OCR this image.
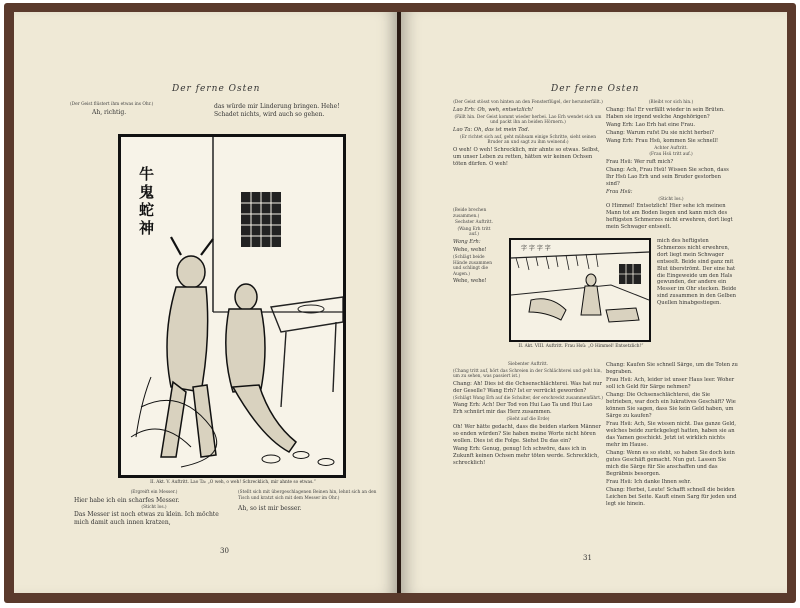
Der ferne Osten
(Der Geist flüstert ihm etwas ins Ohr.)
Ah, richtig.
das würde mir Linderung bringen. Hehe! Schadet nichts, wird auch so gehen.
牛鬼蛇神
II. Akt. V. Auftritt. Lao Ta: „O weh, o weh! Schrecklich, mir ahnte so etwas.“

(Ergreift ein Messer.)

Hier habe ich ein scharfes Messer.

(Sticht los.)

Das Messer ist noch etwas zu klein. Ich möchte mich damit auch innen kratzen,

(Stellt sich mit übergeschlagenen Beinen hin, lehnt sich an den Tisch und kratzt sich mit dem Messer im Ohr.)

Ah, so ist mir besser.

30
Der ferne Osten

(Der Geist stösst von hinten an den Fensterflügel, der herunterfällt.)

Lao Erh: Oh, weh, entsetzlich!

(Fällt hin. Der Geist kommt wieder herbei. Lao Erh wendet sich um und packt ihn an beiden Hörnern.)

Lao Ta: Oh, das ist mein Tod.

(Er richtet sich auf, geht mühsam einige Schritte, sieht seinen Bruder an und sagt zu ihm weinend:)

O weh! O weh! Schrecklich, mir ahnte so etwas. Selbst, um unser Leben zu retten, hätten wir keinen Ochsen töten dürfen. O weh!

(Beide brechen zusammen.)

Sechster Auftritt.

(Wang Erh tritt auf.)

Wang Erh:

Wehe, wehe!

(Schlägt beide Hände zusammen und schlingt die Augen.)

Wehe, wehe!

(Bleibt vor sich hin.)

Chang: Ha! Er verfällt wieder in sein Brüten. Haben sie irgend welche Angehörigen?

Wang Erh: Lao Erh hat eine Frau.

Chang: Warum rufst Du sie nicht herbei?

Wang Erh: Frau Hsü, kommen Sie schnell!

Achter Auftritt.

(Frau Hsü tritt auf.)

Frau Hsü: Wer ruft mich?

Chang: Ach, Frau Hsü! Wissen Sie schon, dass Ihr Hsü Lao Erh und sein Bruder gestorben sind?

Frau Hsü:

(Sticht los.)

O Himmel! Entsetzlich! Hier sehe ich meinen Mann tot am Boden liegen und kann mich des heftigsten Schmerzes nicht erwehren, dort liegt mein Schwager entseelt.

字 字 字 字
II. Akt. VIII. Auftritt. Frau Hsü: „O Himmel! Entsetzlich!“

mich des heftigsten Schmerzes nicht erwehren, dort liegt mein Schwager entseelt. Beide sind ganz mit Blut überströmt. Der eine hat die Eingeweide um den Hals gewunden, der andere ein Messer im Ohr stecken. Beide sind zusammen in den Gelben Quellen hinabgestiegen.

Siebenter Auftritt.

(Chang tritt auf, hört das Schreien in der Schlächterei und geht hin, um zu sehen, was passiert ist.)

Chang: Ah! Dies ist die Ochsenschlächterei. Was hat nur der Geselle? Wang Erh? Ist er verrückt geworden?

(Schlägt Wang Erh auf die Schulter, der erschreckt zusammenfährt.)

Wang Erh: Ach! Der Tod von Hui Lao Ta und Hui Lao Erh schnürt mir das Herz zusammen.

(Sieht auf die Erde)

Oh! Wer hätte gedacht, dass die beiden starken Männer so enden würden? Sie haben meine Worte nicht hören wollen. Dies ist die Folge. Siehst Du das ein?

Wang Erh: Genug, genug! Ich schwöre, dass ich in Zukunft keinen Ochsen mehr töten werde. Schrecklich, schrecklich!

Chang: Kaufen Sie schnell Särge, um die Toten zu begraben.

Frau Hsü: Ach, leider ist unser Haus leer. Woher soll ich Geld für Särge nehmen?

Chang: Die Ochsenschlächterei, die Sie betrieben, war doch ein lukratives Geschäft? Wie können Sie sagen, dass Sie kein Geld haben, um Särge zu kaufen?

Frau Hsü: Ach, Sie wissen nicht. Das ganze Geld, welches beide zurückgelegt hatten, haben sie an das Yamen geschickt. Jetzt ist wirklich nichts mehr im Hause.

Chang: Wenn es so steht, so haben Sie doch kein gutes Geschäft gemacht. Nun gut. Lassen Sie mich die Särge für Sie anschaffen und das Begräbnis besorgen.

Frau Hsü: Ich danke Ihnen sehr.

Chang: Herbei, Leute! Schafft schnell die beiden Leichen bei Seite. Kauft einen Sarg für jeden und legt sie hinein.

31
